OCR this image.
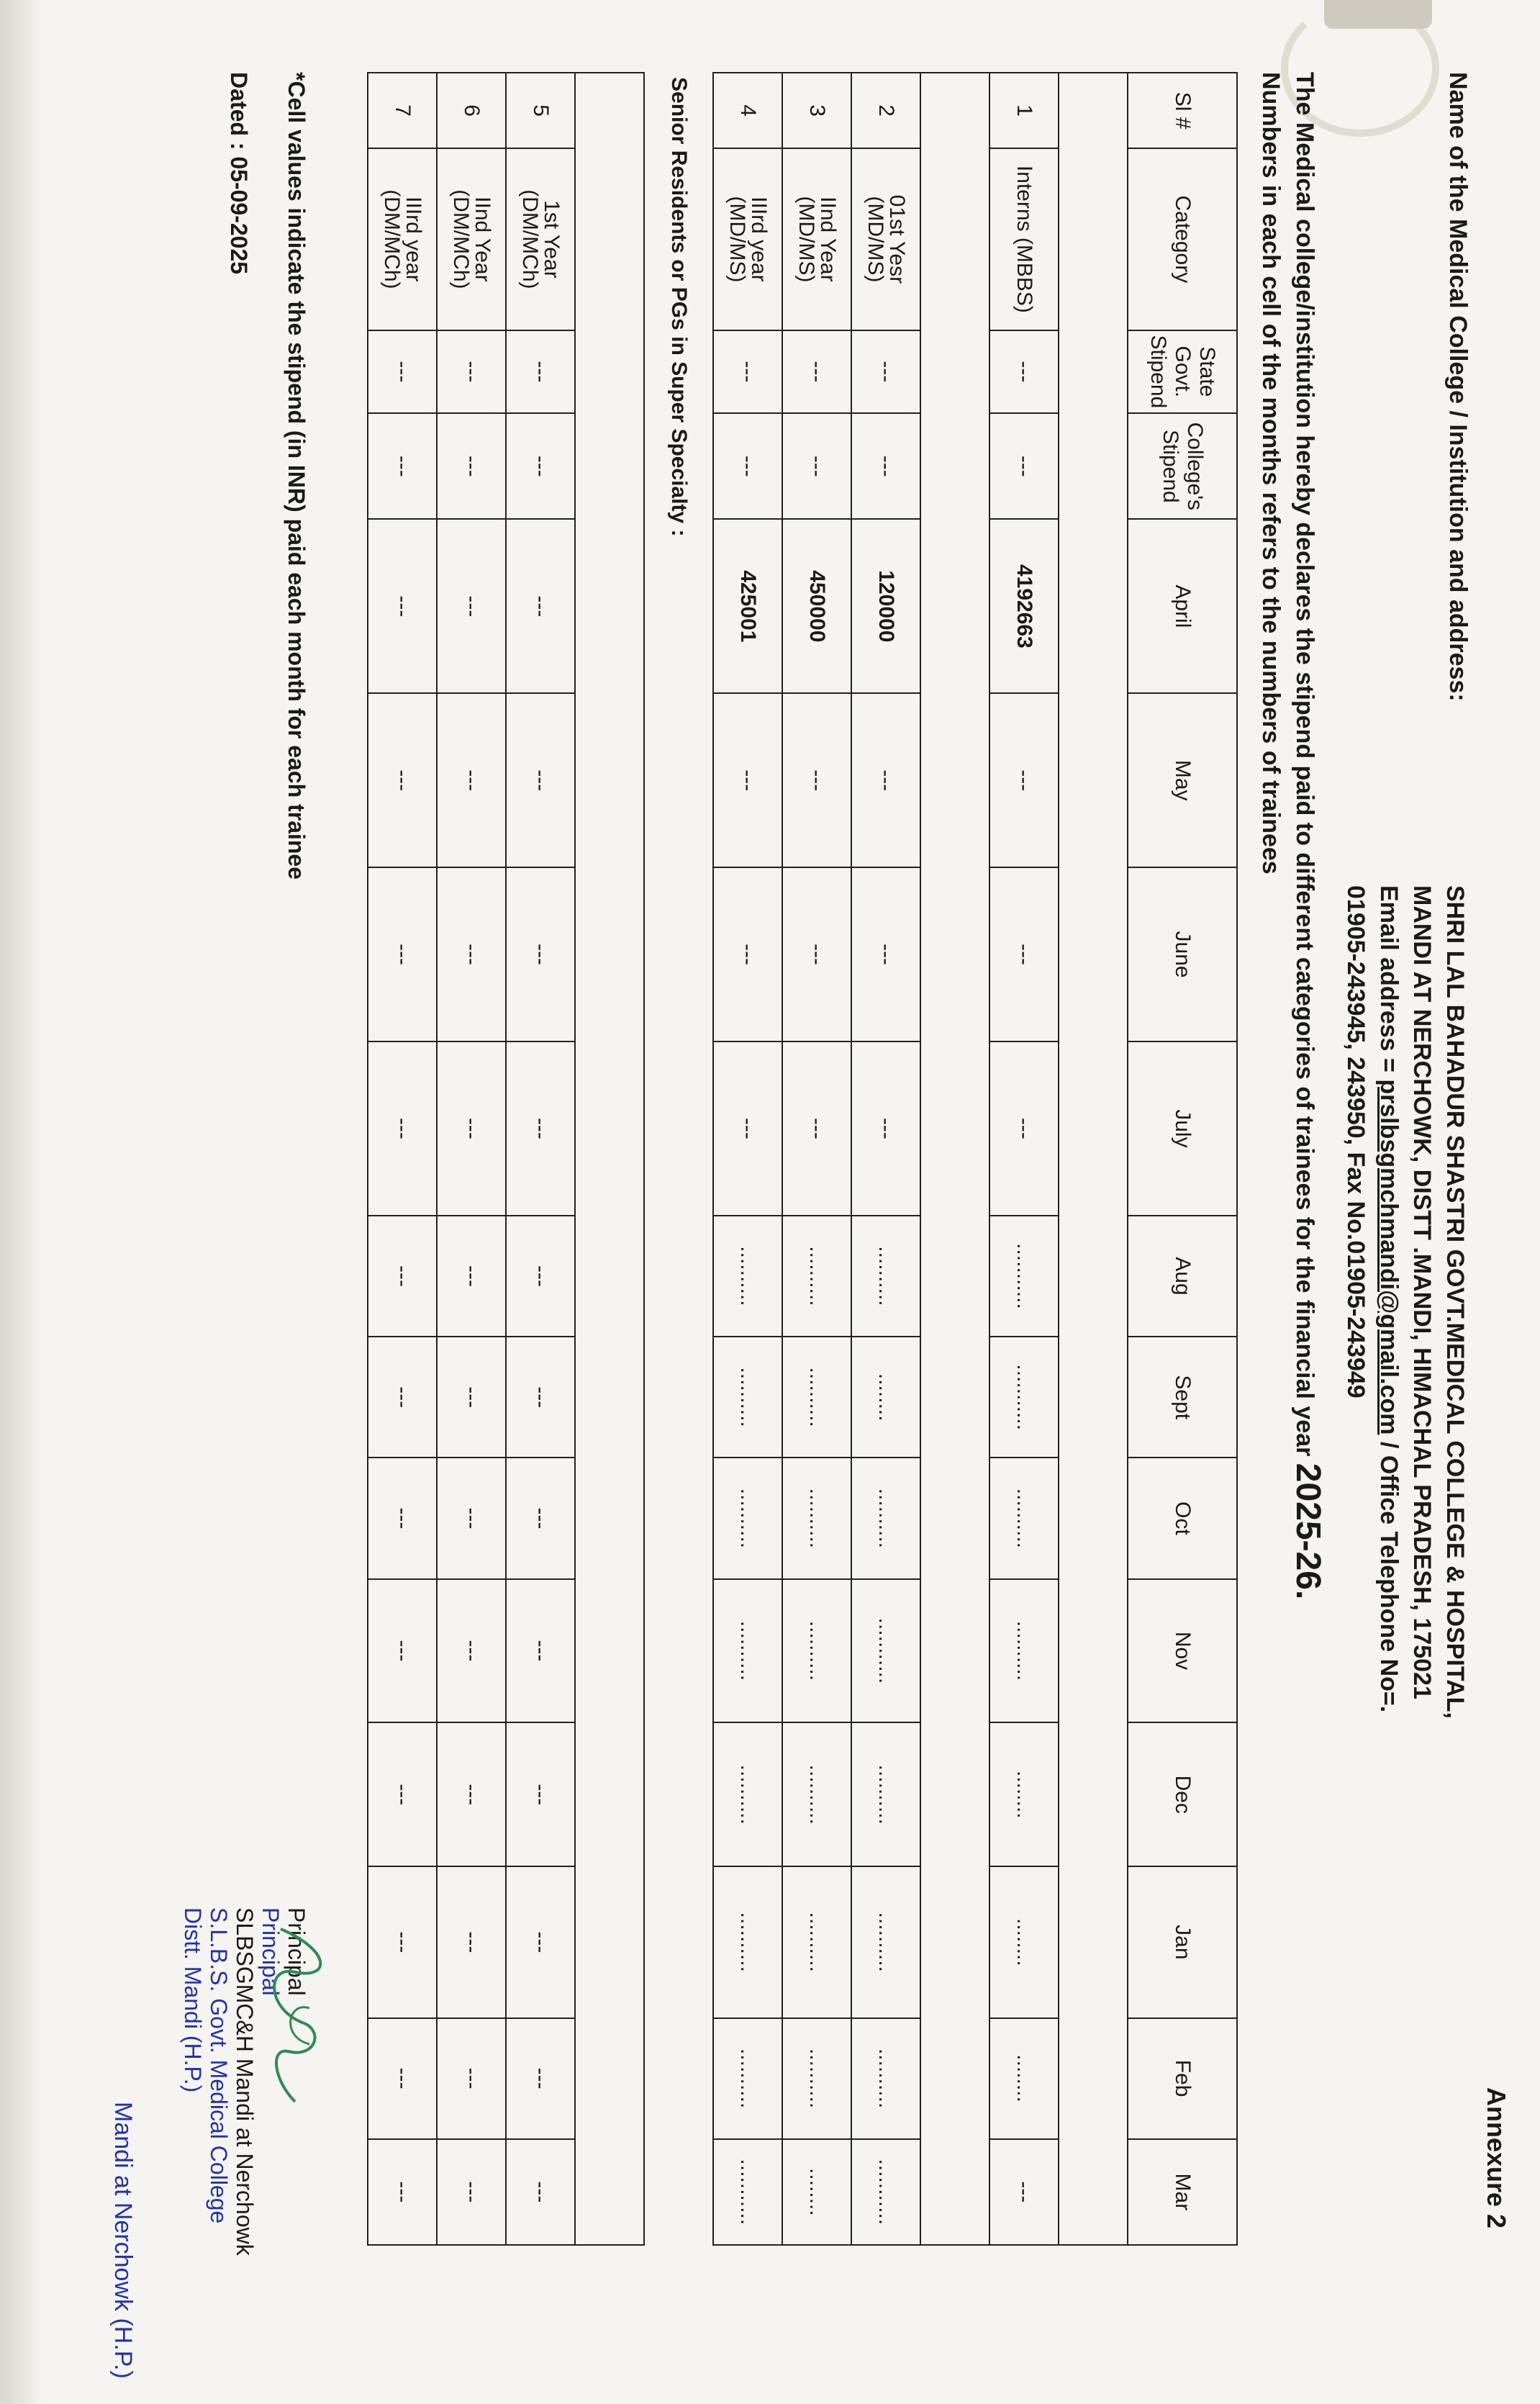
Annexure 2
Name of the Medical College / Institution and address:
SHRI LAL BAHADUR SHASTRI GOVT.MEDICAL COLLEGE & HOSPITAL,
MANDI AT NERCHOWK, DISTT .MANDI, HIMACHAL PRADESH, 175021
Email address = prslbsgmchmandi@gmail.com / Office Telephone No=.
01905-243945, 243950, Fax No.01905-243949
The Medical college/institution hereby declares the stipend paid to different categories of trainees for the financial year 2025-26.
Numbers in each cell of the months refers to the numbers of trainees
Sl #	Category	State Govt. Stipend	College's Stipend	April	May	June	July	Aug	Sept	Oct	Nov	Dec	Jan	Feb	Mar

1	Interns (MBBS)	---	---	4192663	---	---	---	...........	...........	..........	..........	........	........	........	---

2	01st Yesr (MD/MS)	---	---	120000	---	---	---	..........	........	..........	...........	..........	..........	..........	...........
3	IInd Year (MD/MS)	---	---	450000	---	---	---	..........	..........	..........	..........	..........	..........	..........	........
4	IIIrd year (MD/MS)	---	---	425001	---	---	---	..........	..........	..........	..........	..........	..........	..........	...........
Senior Residents or PGs in Super Specialty :															

5	1st Year (DM/MCh)	---	---	---	---	---	---	---	---	---	---	---	---	---	---
6	IInd Year (DM/MCh)	---	---	---	---	---	---	---	---	---	---	---	---	---	---
7	IIIrd year (DM/MCh)	---	---	---	---	---	---	---	---	---	---	---	---	---	---
*Cell values indicate the stipend (in INR) paid each month for each trainee
Dated : 05-09-2025
Principal
Principal
SLBSGMC&H Mandi at Nerchowk
S.L.B.S. Govt. Medical College
Distt. Mandi (H.P.)
Mandi at Nerchowk (H.P.)
